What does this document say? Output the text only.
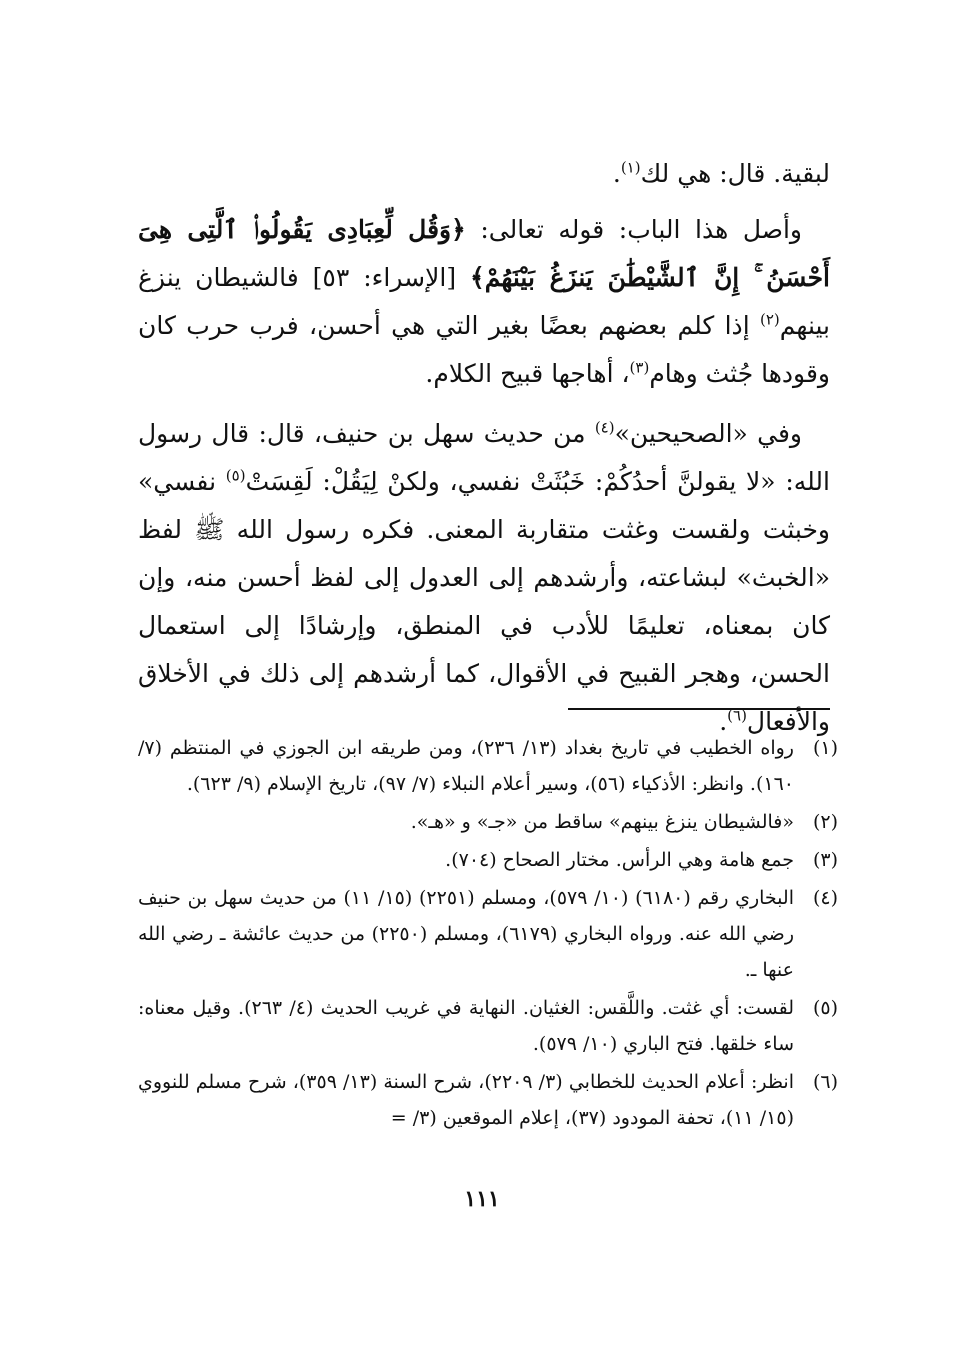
لبقية. قال: هي لك$^{(١)}$.

وأصل هذا الباب: قوله تعالى: ﴿وَقُل لِّعِبَادِى يَقُولُوا۟ ٱلَّتِى هِىَ أَحْسَنُ ۚ إِنَّ ٱلشَّيْطَٰنَ يَنزَغُ بَيْنَهُمْ﴾ [الإسراء: ٥٣] فالشيطان ينزغ بينهم$^{(٢)}$ إذا كلم بعضهم بعضًا بغير التي هي أحسن، فرب حرب كان وقودها جُثث وهام$^{(٣)}$، أهاجها قبيح الكلام.

وفي «الصحيحين»$^{(٤)}$ من حديث سهل بن حنيف، قال: قال رسول الله: «لا يقولنَّ أحدُكُمْ: خَبُثَتْ نفسي، ولكنْ لِيَقُلْ: لَقِسَتْ$^{(٥)}$ نفسي» وخبثت ولقست وغثت متقاربة المعنى. فكره رسول الله ﷺ لفظ «الخبث» لبشاعته، وأرشدهم إلى العدول إلى لفظ أحسن منه، وإن كان بمعناه، تعليمًا للأدب في المنطق، وإرشادًا إلى استعمال الحسن، وهجر القبيح في الأقوال، كما أرشدهم إلى ذلك في الأخلاق والأفعال$^{(٦)}$.

(١)
رواه الخطيب في تاريخ بغداد (١٣/ ٢٣٦)، ومن طريقه ابن الجوزي في المنتظم (٧/ ١٦٠). وانظر: الأذكياء (٥٦)، وسير أعلام النبلاء (٧/ ٩٧)، تاريخ الإسلام (٩/ ٦٢٣).
(٢)
«فالشيطان ينزغ بينهم» ساقط من «جـ» و «هـ».
(٣)
جمع هامة وهي الرأس. مختار الصحاح (٧٠٤).
(٤)
البخاري رقم (٦١٨٠) (١٠/ ٥٧٩)، ومسلم (٢٢٥١) (١٥/ ١١) من حديث سهل بن حنيف رضي الله عنه. ورواه البخاري (٦١٧٩)، ومسلم (٢٢٥٠) من حديث عائشة ـ رضي الله عنها ـ.
(٥)
لقست: أي غثت. واللَّقس: الغثيان. النهاية في غريب الحديث (٤/ ٢٦٣). وقيل معناه: ساء خلقها. فتح الباري (١٠/ ٥٧٩).
(٦)
انظر: أعلام الحديث للخطابي (٣/ ٢٢٠٩)، شرح السنة (١٣/ ٣٥٩)، شرح مسلم للنووي (١٥/ ١١)، تحفة المودود (٣٧)، إعلام الموقعين (٣/ =
١١١
